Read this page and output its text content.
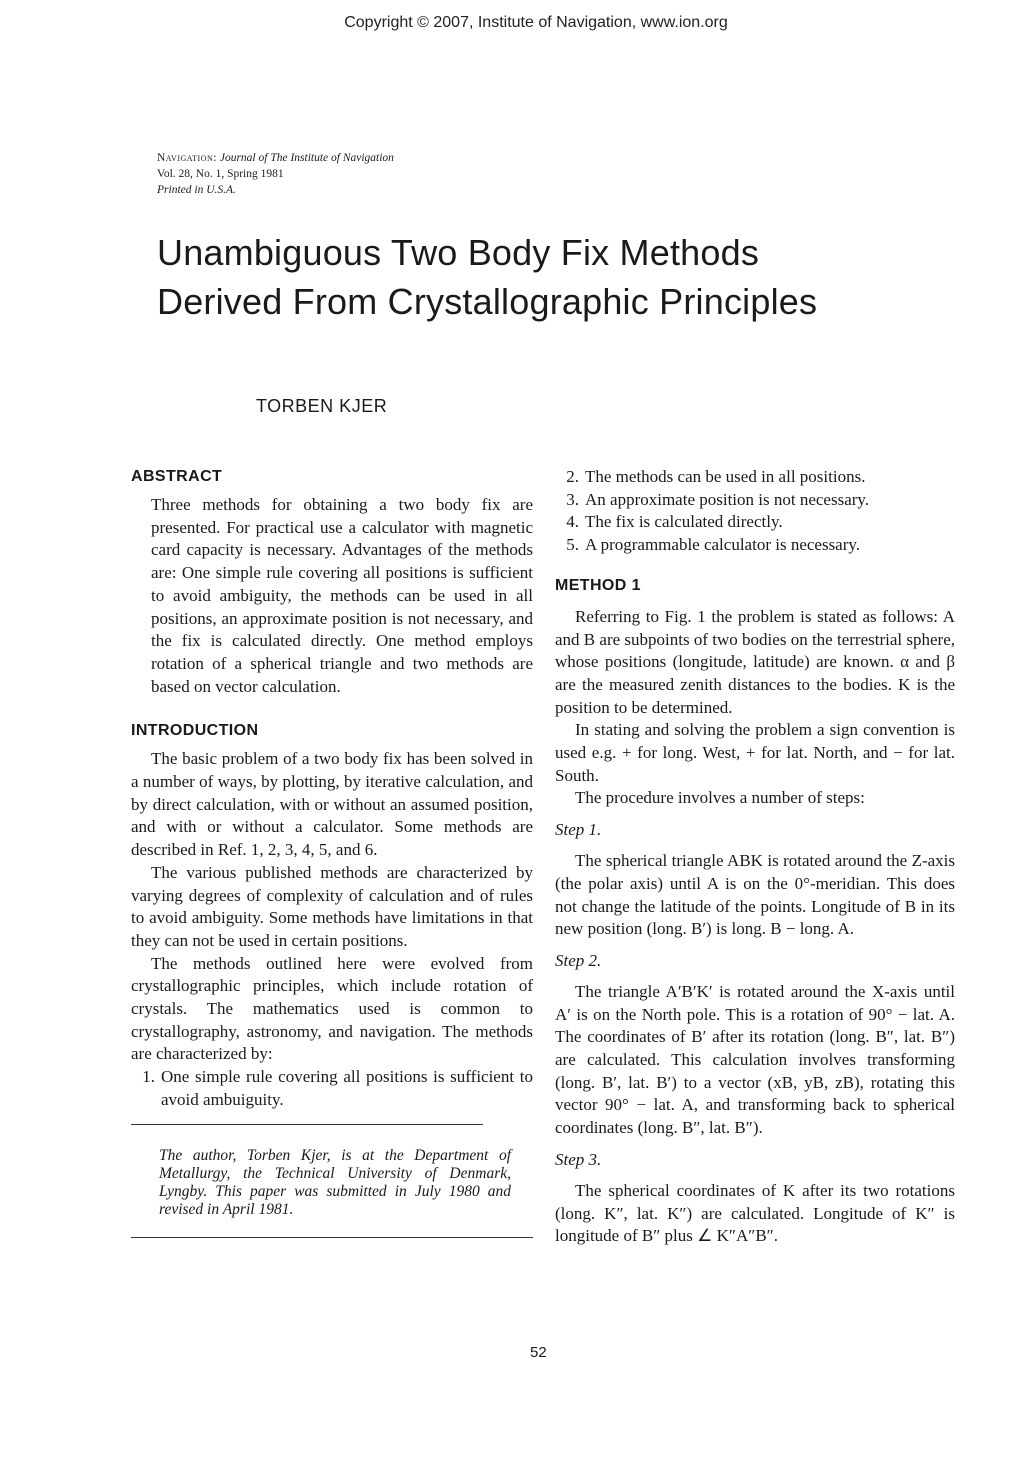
Copyright © 2007, Institute of Navigation, www.ion.org
Navigation: Journal of The Institute of Navigation
Vol. 28, No. 1, Spring 1981
Printed in U.S.A.
Unambiguous Two Body Fix Methods
Derived From Crystallographic Principles
TORBEN KJER
ABSTRACT

Three methods for obtaining a two body fix are presented. For practical use a calculator with magnetic card capacity is necessary. Advantages of the methods are: One simple rule covering all positions is sufficient to avoid ambiguity, the methods can be used in all positions, an approximate position is not necessary, and the fix is calculated directly. One method employs rotation of a spherical triangle and two methods are based on vector calculation.

INTRODUCTION

The basic problem of a two body fix has been solved in a number of ways, by plotting, by iterative calculation, and by direct calculation, with or without an assumed position, and with or without a calculator. Some methods are described in Ref. 1, 2, 3, 4, 5, and 6.

The various published methods are characterized by varying degrees of complexity of calculation and of rules to avoid ambiguity. Some methods have limitations in that they can not be used in certain positions.

The methods outlined here were evolved from crystallographic principles, which include rotation of crystals. The mathematics used is common to crystallography, astronomy, and navigation. The methods are characterized by:

1. One simple rule covering all positions is sufficient to avoid ambuiguity.

The author, Torben Kjer, is at the Department of Metallurgy, the Technical University of Denmark, Lyngby. This paper was submitted in July 1980 and revised in April 1981.

2. The methods can be used in all positions.
3. An approximate position is not necessary.
4. The fix is calculated directly.
5. A programmable calculator is necessary.
METHOD 1

Referring to Fig. 1 the problem is stated as follows: A and B are subpoints of two bodies on the terrestrial sphere, whose positions (longitude, latitude) are known. α and β are the measured zenith distances to the bodies. K is the position to be determined.

In stating and solving the problem a sign convention is used e.g. + for long. West, + for lat. North, and − for lat. South.

The procedure involves a number of steps:

Step 1.

The spherical triangle ABK is rotated around the Z-axis (the polar axis) until A is on the 0°-meridian. This does not change the latitude of the points. Longitude of B in its new position (long. B′) is long. B − long. A.

Step 2.

The triangle A′B′K′ is rotated around the X-axis until A′ is on the North pole. This is a rotation of 90° − lat. A. The coordinates of B′ after its rotation (long. B″, lat. B″) are calculated. This calculation involves transforming (long. B′, lat. B′) to a vector (xB, yB, zB), rotating this vector 90° − lat. A, and transforming back to spherical coordinates (long. B″, lat. B″).

Step 3.

The spherical coordinates of K after its two rotations (long. K″, lat. K″) are calculated. Longitude of K″ is longitude of B″ plus ∠ K″A″B″.

52
